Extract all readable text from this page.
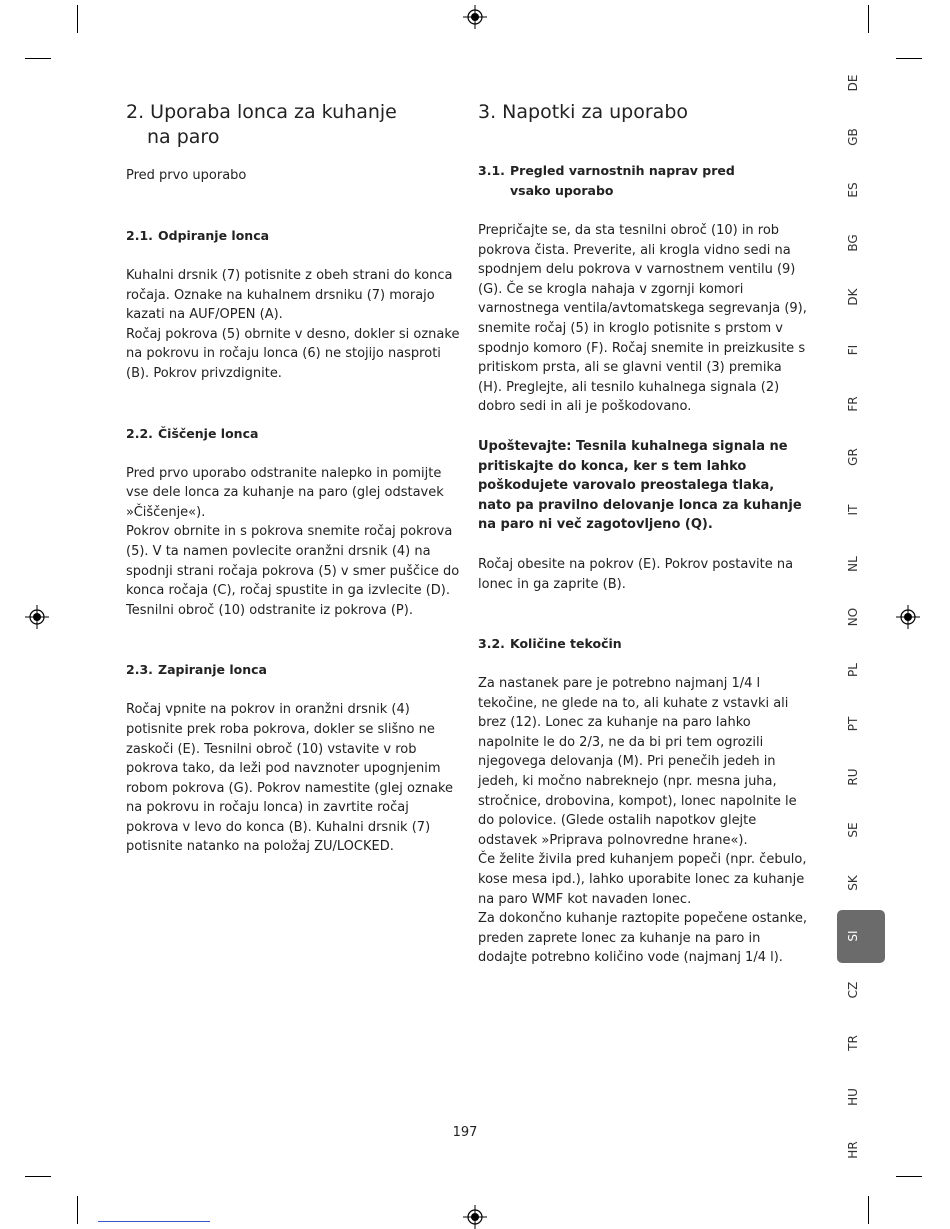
2. Uporaba lonca za kuhanje
na paro

Pred prvo uporabo

2.1. Odpiranje lonca

Kuhalni drsnik (7) potisnite z obeh strani do konca ročaja. Oznake na kuhalnem drsniku (7) morajo kazati na AUF/OPEN (A).

Ročaj pokrova (5) obrnite v desno, dokler si oznake na pokrovu in ročaju lonca (6) ne stojijo nasproti (B). Pokrov privzdignite.

2.2. Čiščenje lonca

Pred prvo uporabo odstranite nalepko in pomijte vse dele lonca za kuhanje na paro (glej odstavek »Čiščenje«).

Pokrov obrnite in s pokrova snemite ročaj pokrova (5). V ta namen povlecite oranžni drsnik (4) na spodnji strani ročaja pokrova (5) v smer puščice do konca ročaja (C), ročaj spustite in ga izvlecite (D). Tesnilni obroč (10) odstranite iz pokrova (P).

2.3. Zapiranje lonca

Ročaj vpnite na pokrov in oranžni drsnik (4) potisnite prek roba pokrova, dokler se slišno ne zaskoči (E). Tesnilni obroč (10) vstavite v rob pokrova tako, da leži pod navznoter upognjenim robom pokrova (G). Pokrov namestite (glej oznake na pokrovu in ročaju lonca) in zavrtite ročaj pokrova v levo do konca (B). Kuhalni drsnik (7) potisnite natanko na položaj ZU/LOCKED.

3. Napotki za uporabo
3.1. Pregled varnostnih naprav pred
vsako uporabo

Prepričajte se, da sta tesnilni obroč (10) in rob pokrova čista. Preverite, ali krogla vidno sedi na spodnjem delu pokrova v varnostnem ventilu (9) (G). Če se krogla nahaja v zgornji komori varnostnega ventila/avtomatskega segrevanja (9), snemite ročaj (5) in kroglo potisnite s prstom v spodnjo komoro (F). Ročaj snemite in preizkusite s pritiskom prsta, ali se glavni ventil (3) premika (H). Preglejte, ali tesnilo kuhalnega signala (2) dobro sedi in ali je poškodovano.

Upoštevajte: Tesnila kuhalnega signala ne pritiskajte do konca, ker s tem lahko poškodujete varovalo preostalega tlaka, nato pa pravilno delovanje lonca za kuhanje na paro ni več zagotovljeno (Q).

Ročaj obesite na pokrov (E). Pokrov postavite na lonec in ga zaprite (B).

3.2. Količine tekočin

Za nastanek pare je potrebno najmanj 1/4 l tekočine, ne glede na to, ali kuhate z vstavki ali brez (12). Lonec za kuhanje na paro lahko napolnite le do 2/3, ne da bi pri tem ogrozili njegovega delovanja (M). Pri penečih jedeh in jedeh, ki močno nabreknejo (npr. mesna juha, stročnice, drobovina, kompot), lonec napolnite le do polovice. (Glede ostalih napotkov glejte odstavek »Priprava polnovredne hrane«).

Če želite živila pred kuhanjem popeči (npr. čebulo, kose mesa ipd.), lahko uporabite lonec za kuhanje na paro WMF kot navaden lonec.

Za dokončno kuhanje raztopite popečene ostanke, preden zaprete lonec za kuhanje na paro in dodajte potrebno količino vode (najmanj 1/4 l).

DE
GB
ES
BG
DK
FI
FR
GR
IT
NL
NO
PL
PT
RU
SE
SK
SI
CZ
TR
HU
HR
197
